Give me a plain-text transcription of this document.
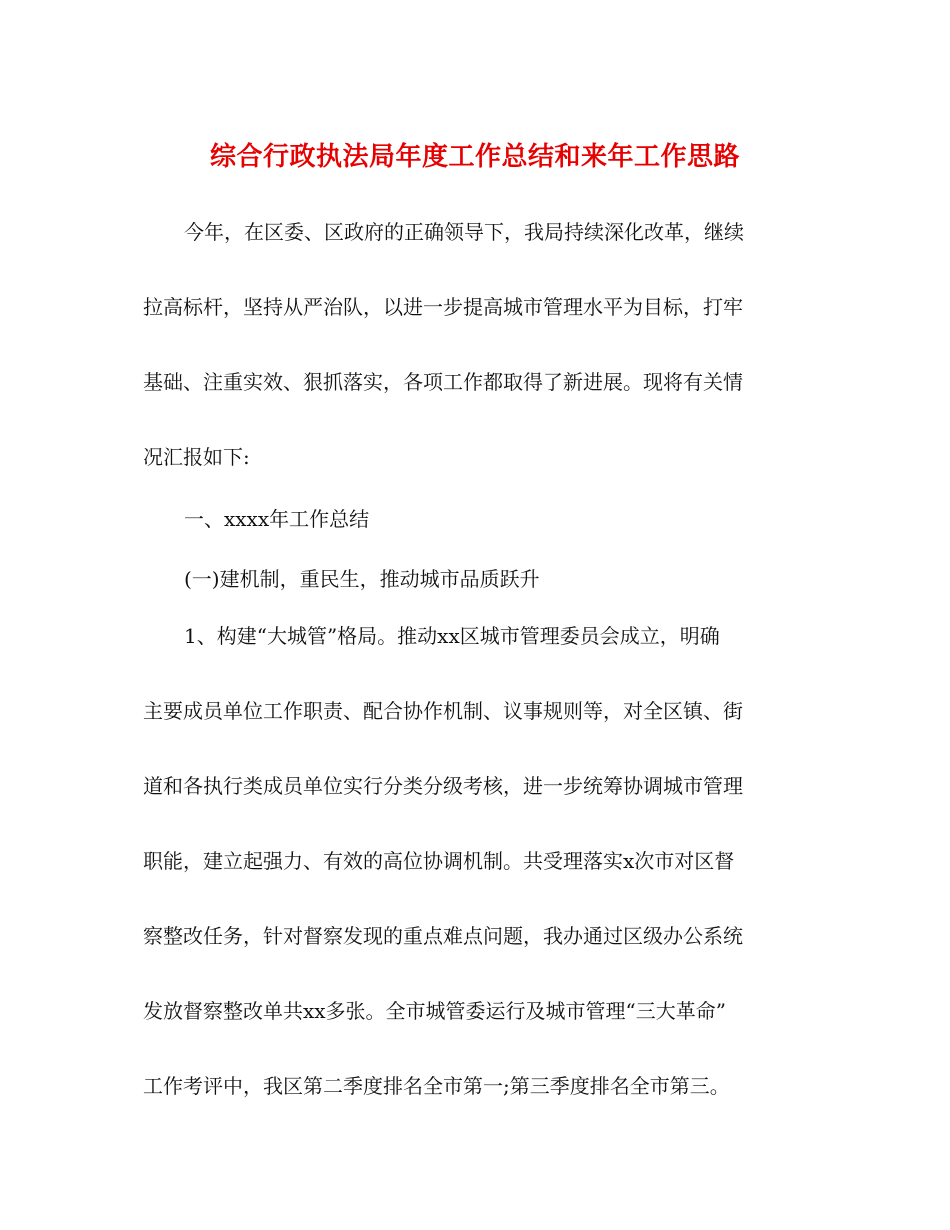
综合行政执法局年度工作总结和来年工作思路
今年，在区委、区政府的正确领导下，我局持续深化改革，继续
拉高标杆，坚持从严治队，以进一步提高城市管理水平为目标，打牢
基础、注重实效、狠抓落实，各项工作都取得了新进展。现将有关情
况汇报如下:

一、xxxx年工作总结

(一)建机制，重民生，推动城市品质跃升

1、构建“大城管”格局。推动xx区城市管理委员会成立，明确
主要成员单位工作职责、配合协作机制、议事规则等，对全区镇、街
道和各执行类成员单位实行分类分级考核，进一步统筹协调城市管理
职能，建立起强力、有效的高位协调机制。共受理落实x次市对区督
察整改任务，针对督察发现的重点难点问题，我办通过区级办公系统
发放督察整改单共xx多张。全市城管委运行及城市管理“三大革命”
工作考评中，我区第二季度排名全市第一;第三季度排名全市第三。
